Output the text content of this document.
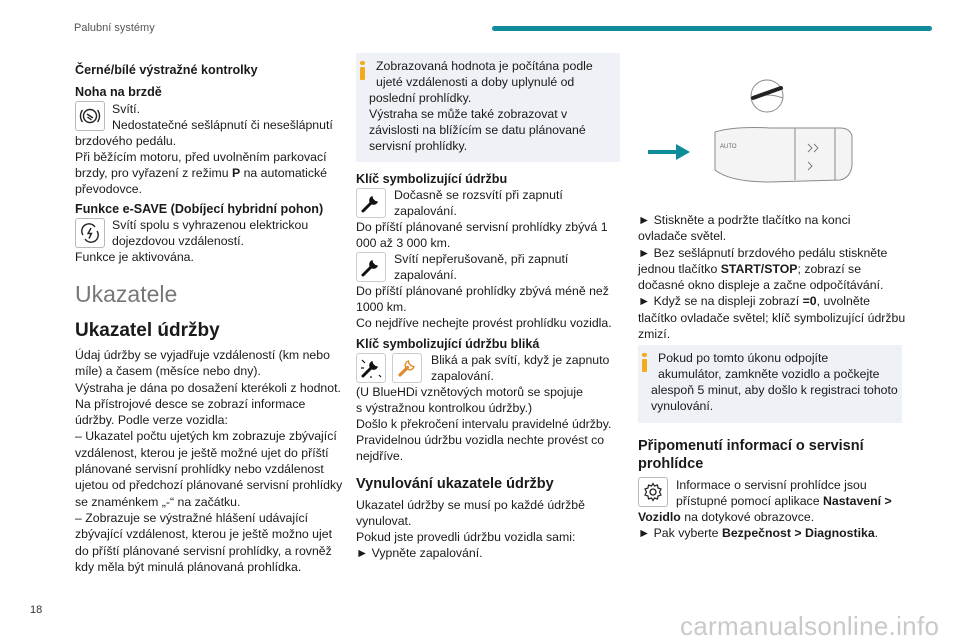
Palubní systémy
18
carmanualsonline.info
Černé/bílé výstražné kontrolky
Noha na brzdě

Svítí.

Nedostatečné sešlápnutí či nesešlápnutí

brzdového pedálu.

Při běžícím motoru, před uvolněním parkovací

brzdy, pro vyřazení z režimu P na automatické

převodovce.

Funkce e-SAVE (Dobíjecí hybridní pohon)

Svítí spolu s vyhrazenou elektrickou

dojezdovou vzdáleností.

Funkce je aktivována.

Ukazatele
Ukazatel údržby
Údaj údržby se vyjadřuje vzdáleností (km nebo
míle) a časem (měsíce nebo dny).
Výstraha je dána po dosažení kterékoli z hodnot.
Na přístrojové desce se zobrazí informace
údržby. Podle verze vozidla:
– Ukazatel počtu ujetých km zobrazuje zbývající
vzdálenost, kterou je ještě možné ujet do příští
plánované servisní prohlídky nebo vzdálenost
ujetou od předchozí plánované servisní prohlídky
se znaménkem „-“ na začátku.
– Zobrazuje se výstražné hlášení udávající
zbývající vzdálenost, kterou je ještě možno ujet
do příští plánované servisní prohlídky, a rovněž
kdy měla být minulá plánovaná prohlídka.
Zobrazovaná hodnota je počítána podle
ujeté vzdálenosti a doby uplynulé od
poslední prohlídky.
Výstraha se může také zobrazovat v
závislosti na blížícím se datu plánované
servisní prohlídky.
Klíč symbolizující údržbu

Dočasně se rozsvítí při zapnutí

zapalování.

Do příští plánované servisní prohlídky zbývá 1

000 až 3 000 km.

Svítí nepřerušovaně, při zapnutí

zapalování.

Do příští plánované prohlídky zbývá méně než

1000 km.

Co nejdříve nechejte provést prohlídku vozidla.

Klíč symbolizující údržbu bliká

Bliká a pak svítí, když je zapnuto

zapalování.

(U BlueHDi vznětových motorů se spojuje

s výstražnou kontrolkou údržby.)

Došlo k překročení intervalu pravidelné údržby.

Pravidelnou údržbu vozidla nechte provést co

nejdříve.

Vynulování ukazatele údržby

Ukazatel údržby se musí po každé údržbě

vynulovat.

Pokud jste provedli údržbu vozidla sami:

► Vypněte zapalování.

AUTO
► Stiskněte a podržte tlačítko na konci
ovladače světel.
► Bez sešlápnutí brzdového pedálu stiskněte
jednou tlačítko START/STOP; zobrazí se
dočasné okno displeje a začne odpočítávání.
► Když se na displeji zobrazí =0, uvolněte
tlačítko ovladače světel; klíč symbolizující údržbu
zmizí.
Pokud po tomto úkonu odpojíte
akumulátor, zamkněte vozidlo a počkejte
alespoň 5 minut, aby došlo k registraci tohoto
vynulování.
Připomenutí informací o servisní
prohlídce

Informace o servisní prohlídce jsou

přístupné pomocí aplikace Nastavení >

Vozidlo na dotykové obrazovce.

► Pak vyberte Bezpečnost > Diagnostika.
